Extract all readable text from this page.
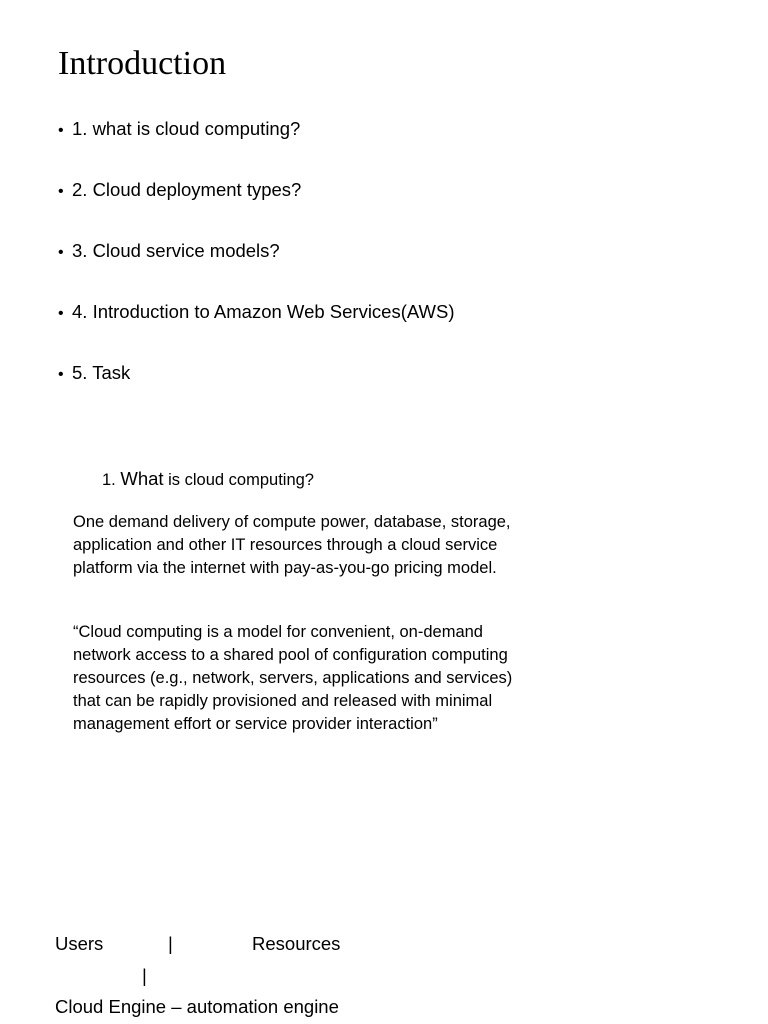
Introduction
• 1. what is cloud computing?
• 2. Cloud deployment types?
• 3. Cloud service models?
• 4. Introduction to Amazon Web Services(AWS)
• 5. Task
1. What is cloud computing?

One demand delivery of compute power, database, storage, application and other IT resources through a cloud service platform via the internet with pay-as-you-go pricing model.

“Cloud computing is a model for convenient, on-demand network access to a shared pool of configuration computing resources (e.g., network, servers, applications and services) that can be rapidly provisioned and released with minimal management effort or service provider interaction”

Users	|	Resources
|
Cloud Engine – automation engine
